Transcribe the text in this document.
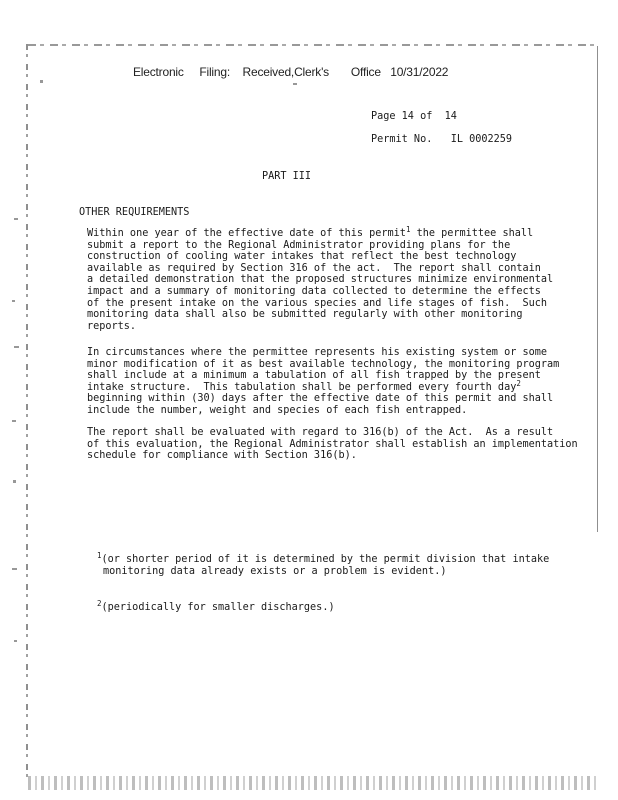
Electronic     Filing:    Received,Clerk's       Office   10/31/2022
Page 14 of  14
Permit No.   IL 0002259
PART III
OTHER REQUIREMENTS
Within one year of the effective date of this permit$^1$ the permittee shall
submit a report to the Regional Administrator providing plans for the
construction of cooling water intakes that reflect the best technology
available as required by Section 316 of the act.  The report shall contain
a detailed demonstration that the proposed structures minimize environmental
impact and a summary of monitoring data collected to determine the effects
of the present intake on the various species and life stages of fish.  Such
monitoring data shall also be submitted regularly with other monitoring
reports.
In circumstances where the permittee represents his existing system or some
minor modification of it as best available technology, the monitoring program
shall include at a minimum a tabulation of all fish trapped by the present
intake structure.  This tabulation shall be performed every fourth day$^2$
beginning within (30) days after the effective date of this permit and shall
include the number, weight and species of each fish entrapped.
The report shall be evaluated with regard to 316(b) of the Act.  As a result
of this evaluation, the Regional Administrator shall establish an implementation
schedule for compliance with Section 316(b).
$^1$(or shorter period of it is determined by the permit division that intake
monitoring data already exists or a problem is evident.)
$^2$(periodically for smaller discharges.)
